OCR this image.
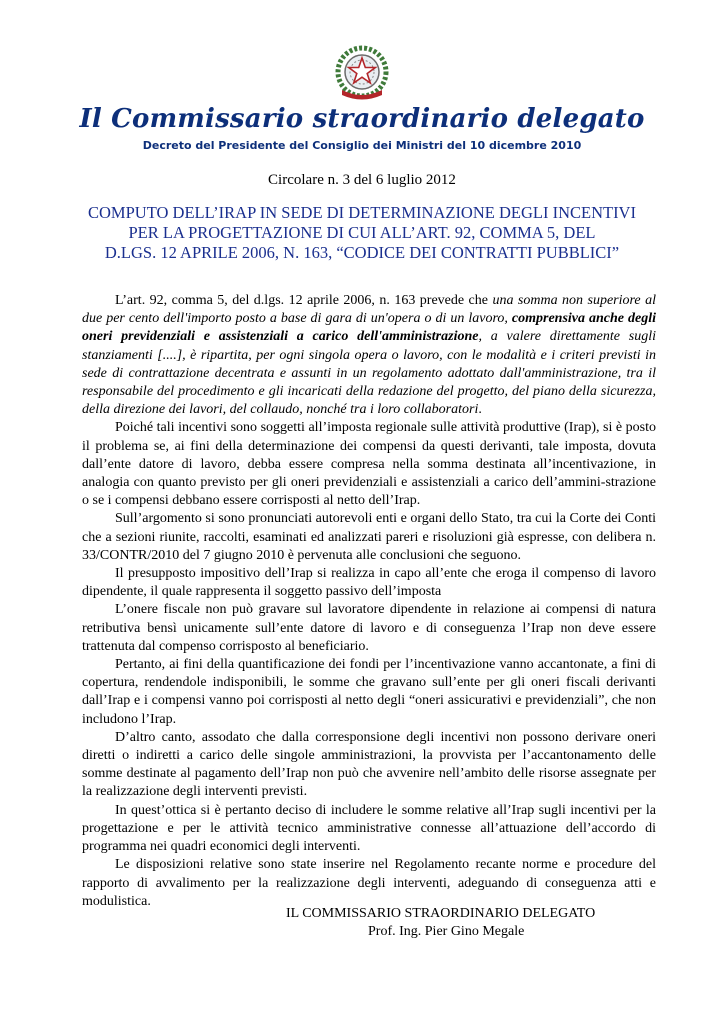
Il Commissario straordinario delegato
Decreto del Presidente del Consiglio dei Ministri del 10 dicembre 2010
Circolare n. 3 del 6 luglio 2012
COMPUTO DELL’IRAP IN SEDE DI DETERMINAZIONE DEGLI INCENTIVI
PER LA PROGETTAZIONE DI CUI ALL’ART. 92, COMMA 5, DEL
D.LGS. 12 APRILE 2006, N. 163, “CODICE DEI CONTRATTI PUBBLICI”

L’art. 92, comma 5, del d.lgs. 12 aprile 2006, n. 163 prevede che una somma non superiore al due per cento dell'importo posto a base di gara di un'opera o di un lavoro, comprensiva anche degli oneri previdenziali e assistenziali a carico dell'amministrazione, a valere direttamente sugli stanziamenti [....], è ripartita, per ogni singola opera o lavoro, con le modalità e i criteri previsti in sede di contrattazione decentrata e assunti in un regolamento adottato dall'amministrazione, tra il responsabile del procedimento e gli incaricati della redazione del progetto, del piano della sicurezza, della direzione dei lavori, del collaudo, nonché tra i loro collaboratori.

Poiché tali incentivi sono soggetti all’imposta regionale sulle attività produttive (Irap), si è posto il problema se, ai fini della determinazione dei compensi da questi derivanti, tale imposta, dovuta dall’ente datore di lavoro, debba essere compresa nella somma destinata all’incentivazione, in analogia con quanto previsto per gli oneri previdenziali e assistenziali a carico dell’ammini-strazione o se i compensi debbano essere corrisposti al netto dell’Irap.

Sull’argomento si sono pronunciati autorevoli enti e organi dello Stato, tra cui la Corte dei Conti che a sezioni riunite, raccolti, esaminati ed analizzati pareri e risoluzioni già espresse, con delibera n. 33/CONTR/2010 del 7 giugno 2010 è pervenuta alle conclusioni che seguono.

Il presupposto impositivo dell’Irap si realizza in capo all’ente che eroga il compenso di lavoro dipendente, il quale rappresenta il soggetto passivo dell’imposta

L’onere fiscale non può gravare sul lavoratore dipendente in relazione ai compensi di natura retributiva bensì unicamente sull’ente datore di lavoro e di conseguenza l’Irap non deve essere trattenuta dal compenso corrisposto al beneficiario.

Pertanto, ai fini della quantificazione dei fondi per l’incentivazione vanno accantonate, a fini di copertura, rendendole indisponibili, le somme che gravano sull’ente per gli oneri fiscali derivanti dall’Irap e i compensi vanno poi corrisposti al netto degli “oneri assicurativi e previdenziali”, che non includono l’Irap.

D’altro canto, assodato che dalla corresponsione degli incentivi non possono derivare oneri diretti o indiretti a carico delle singole amministrazioni, la provvista per l’accantonamento delle somme destinate al pagamento dell’Irap non può che avvenire nell’ambito delle risorse assegnate per la realizzazione degli interventi previsti.

In quest’ottica si è pertanto deciso di includere le somme relative all’Irap sugli incentivi per la progettazione e per le attività tecnico amministrative connesse all’attuazione dell’accordo di programma nei quadri economici degli interventi.

Le disposizioni relative sono state inserire nel Regolamento recante norme e procedure del rapporto di avvalimento per la realizzazione degli interventi, adeguando di conseguenza atti e modulistica.

IL COMMISSARIO STRAORDINARIO DELEGATO
Prof. Ing. Pier Gino Megale
